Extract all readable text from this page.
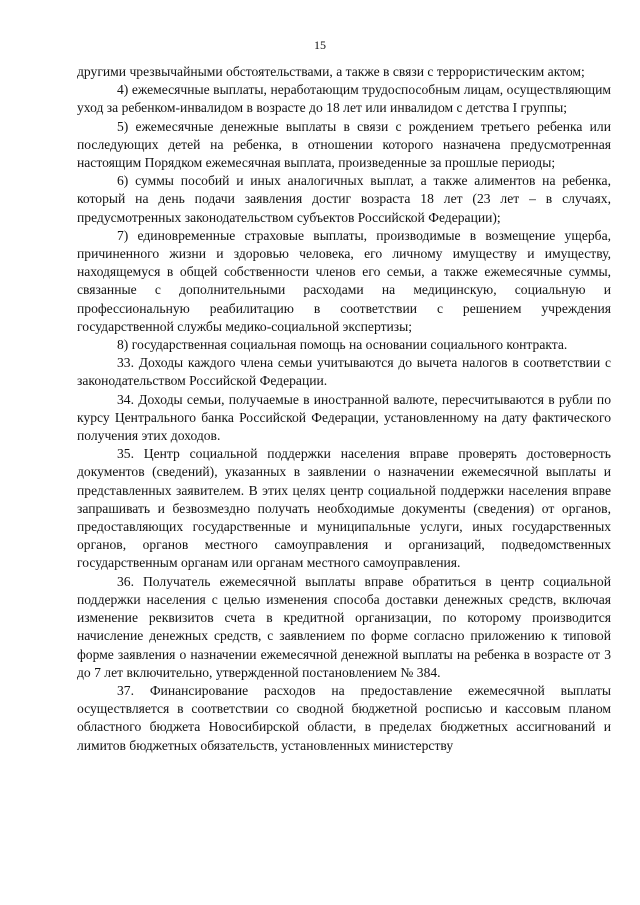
15

другими чрезвычайными обстоятельствами, а также в связи с террористическим актом;

4) ежемесячные выплаты, неработающим трудоспособным лицам, осуществляющим уход за ребенком-инвалидом в возрасте до 18 лет или инвалидом с детства I группы;

5) ежемесячные денежные выплаты в связи с рождением третьего ребенка или последующих детей на ребенка, в отношении которого назначена предусмотренная настоящим Порядком ежемесячная выплата, произведенные за прошлые периоды;

6) суммы пособий и иных аналогичных выплат, а также алиментов на ребенка, который на день подачи заявления достиг возраста 18 лет (23 лет – в случаях, предусмотренных законодательством субъектов Российской Федерации);

7) единовременные страховые выплаты, производимые в возмещение ущерба, причиненного жизни и здоровью человека, его личному имуществу и имуществу, находящемуся в общей собственности членов его семьи, а также ежемесячные суммы, связанные с дополнительными расходами на медицинскую, социальную и профессиональную реабилитацию в соответствии с решением учреждения государственной службы медико-социальной экспертизы;

8) государственная социальная помощь на основании социального контракта.

33. Доходы каждого члена семьи учитываются до вычета налогов в соответствии с законодательством Российской Федерации.

34. Доходы семьи, получаемые в иностранной валюте, пересчитываются в рубли по курсу Центрального банка Российской Федерации, установленному на дату фактического получения этих доходов.

35. Центр социальной поддержки населения вправе проверять достоверность документов (сведений), указанных в заявлении о назначении ежемесячной выплаты и представленных заявителем. В этих целях центр социальной поддержки населения вправе запрашивать и безвозмездно получать необходимые документы (сведения) от органов, предоставляющих государственные и муниципальные услуги, иных государственных органов, органов местного самоуправления и организаций, подведомственных государственным органам или органам местного самоуправления.

36. Получатель ежемесячной выплаты вправе обратиться в центр социальной поддержки населения с целью изменения способа доставки денежных средств, включая изменение реквизитов счета в кредитной организации, по которому производится начисление денежных средств, с заявлением по форме согласно приложению к типовой форме заявления о назначении ежемесячной денежной выплаты на ребенка в возрасте от 3 до 7 лет включительно, утвержденной постановлением № 384.

37. Финансирование расходов на предоставление ежемесячной выплаты осуществляется в соответствии со сводной бюджетной росписью и кассовым планом областного бюджета Новосибирской области, в пределах бюджетных ассигнований и лимитов бюджетных обязательств, установленных министерству
